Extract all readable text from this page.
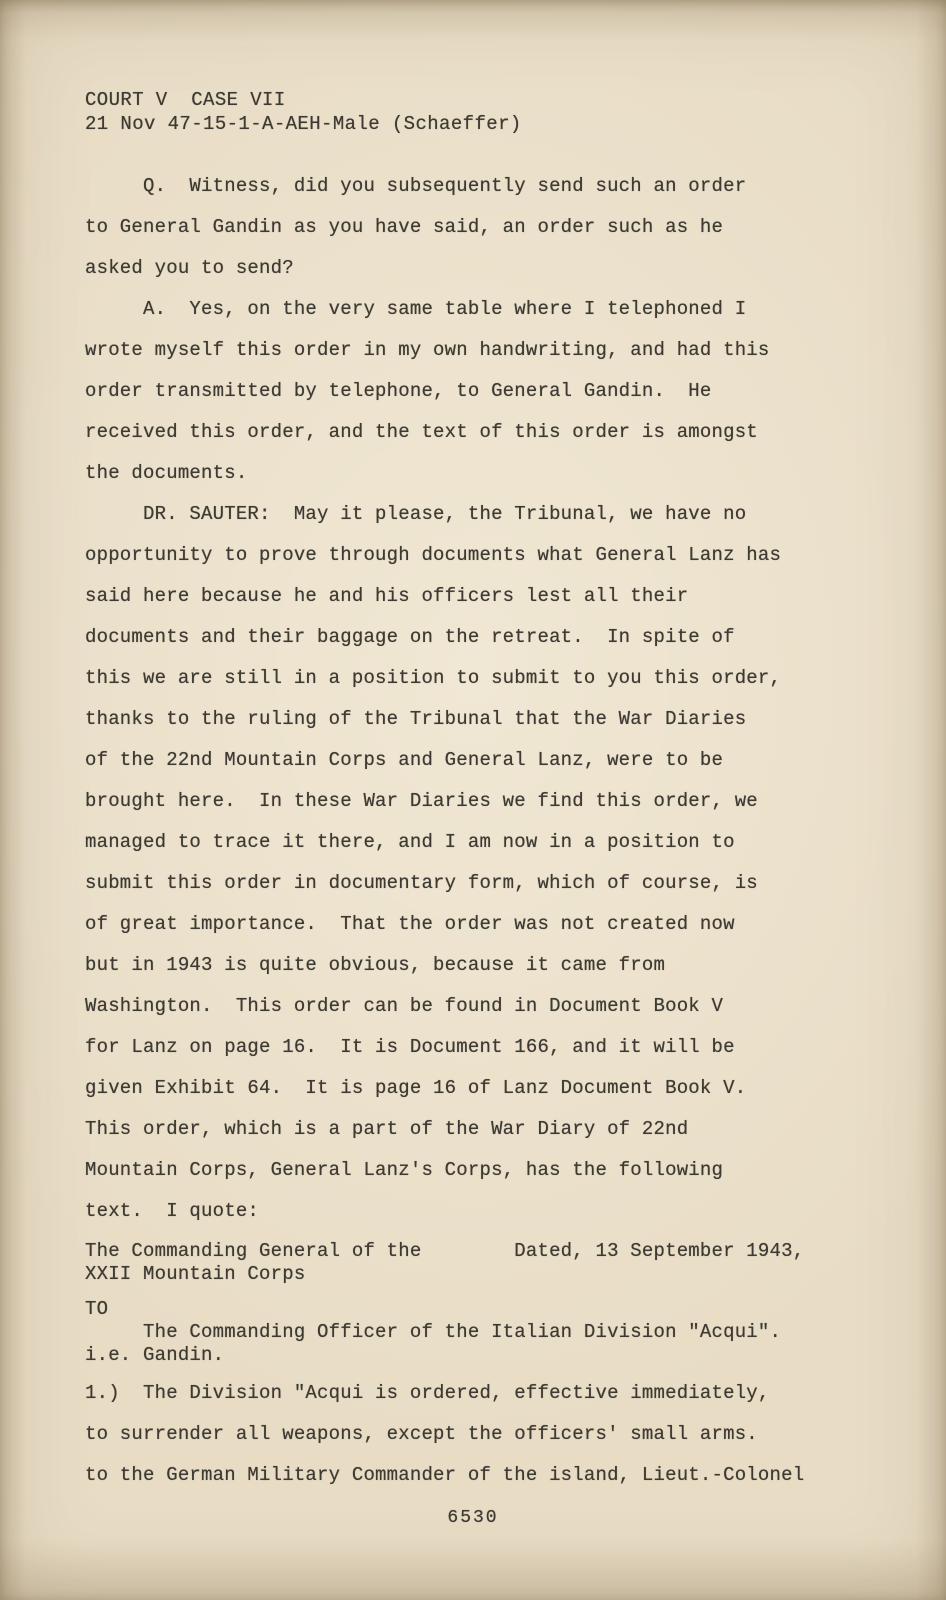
COURT V  CASE VII
21 Nov 47-15-1-A-AEH-Male (Schaeffer)
Q.  Witness, did you subsequently send such an order
to General Gandin as you have said, an order such as he
asked you to send?
A.  Yes, on the very same table where I telephoned I
wrote myself this order in my own handwriting, and had this
order transmitted by telephone, to General Gandin.  He
received this order, and the text of this order is amongst
the documents.
DR. SAUTER:  May it please, the Tribunal, we have no
opportunity to prove through documents what General Lanz has
said here because he and his officers lest all their
documents and their baggage on the retreat.  In spite of
this we are still in a position to submit to you this order,
thanks to the ruling of the Tribunal that the War Diaries
of the 22nd Mountain Corps and General Lanz, were to be
brought here.  In these War Diaries we find this order, we
managed to trace it there, and I am now in a position to
submit this order in documentary form, which of course, is
of great importance.  That the order was not created now
but in 1943 is quite obvious, because it came from
Washington.  This order can be found in Document Book V
for Lanz on page 16.  It is Document 166, and it will be
given Exhibit 64.  It is page 16 of Lanz Document Book V.
This order, which is a part of the War Diary of 22nd
Mountain Corps, General Lanz's Corps, has the following
text.  I quote:
The Commanding General of the        Dated, 13 September 1943,
XXII Mountain Corps
TO
The Commanding Officer of the Italian Division "Acqui".
i.e. Gandin.
1.)  The Division "Acqui is ordered, effective immediately,
to surrender all weapons, except the officers' small arms.
to the German Military Commander of the island, Lieut.-Colonel
6530
